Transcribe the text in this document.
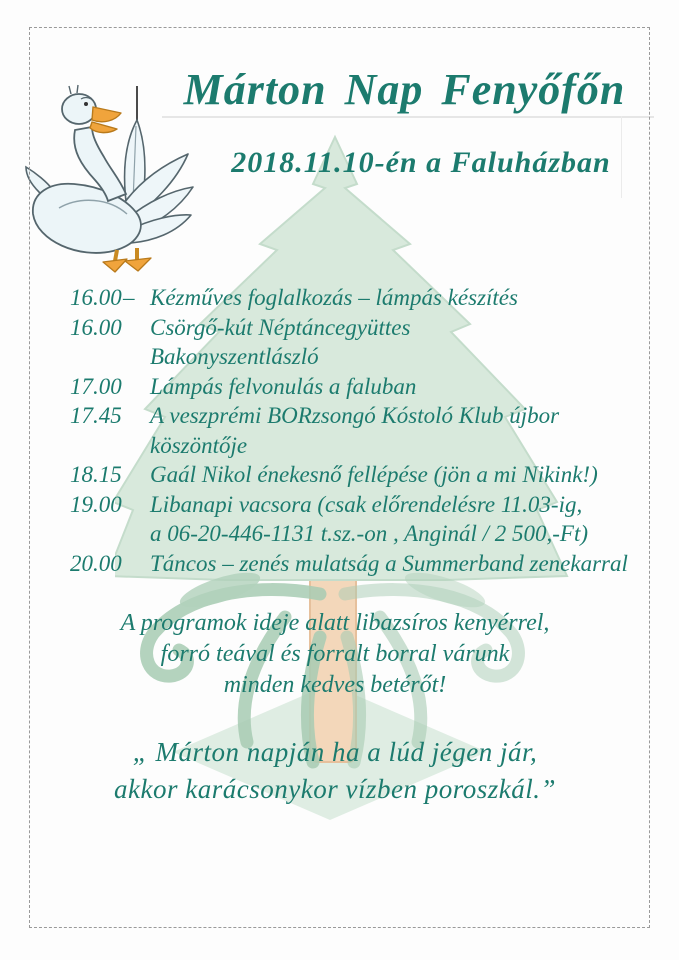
Márton Nap Fenyőfőn
2018.11.10-én a Faluházban
16.00 – Kézműves foglalkozás – lámpás készítés
16.00 Csörgő-kút Néptáncegyüttes
Bakonyszentlászló
17.00 Lámpás felvonulás a faluban
17.45 A veszprémi BORzsongó Kóstoló Klub újbor
köszöntője
18.15 Gaál Nikol énekesnő fellépése (jön a mi Nikink!)
19.00 Libanapi vacsora (csak előrendelésre 11.03-ig,
a 06-20-446-1131 t.sz.-on , Anginál / 2 500,-Ft)
20.00 Táncos – zenés mulatság a Summerband zenekarral

A programok ideje alatt libazsíros kenyérrel,

forró teával és forralt borral várunk

minden kedves betérőt!

„ Márton napján ha a lúd jégen jár,

akkor karácsonykor vízben poroszkál.”
